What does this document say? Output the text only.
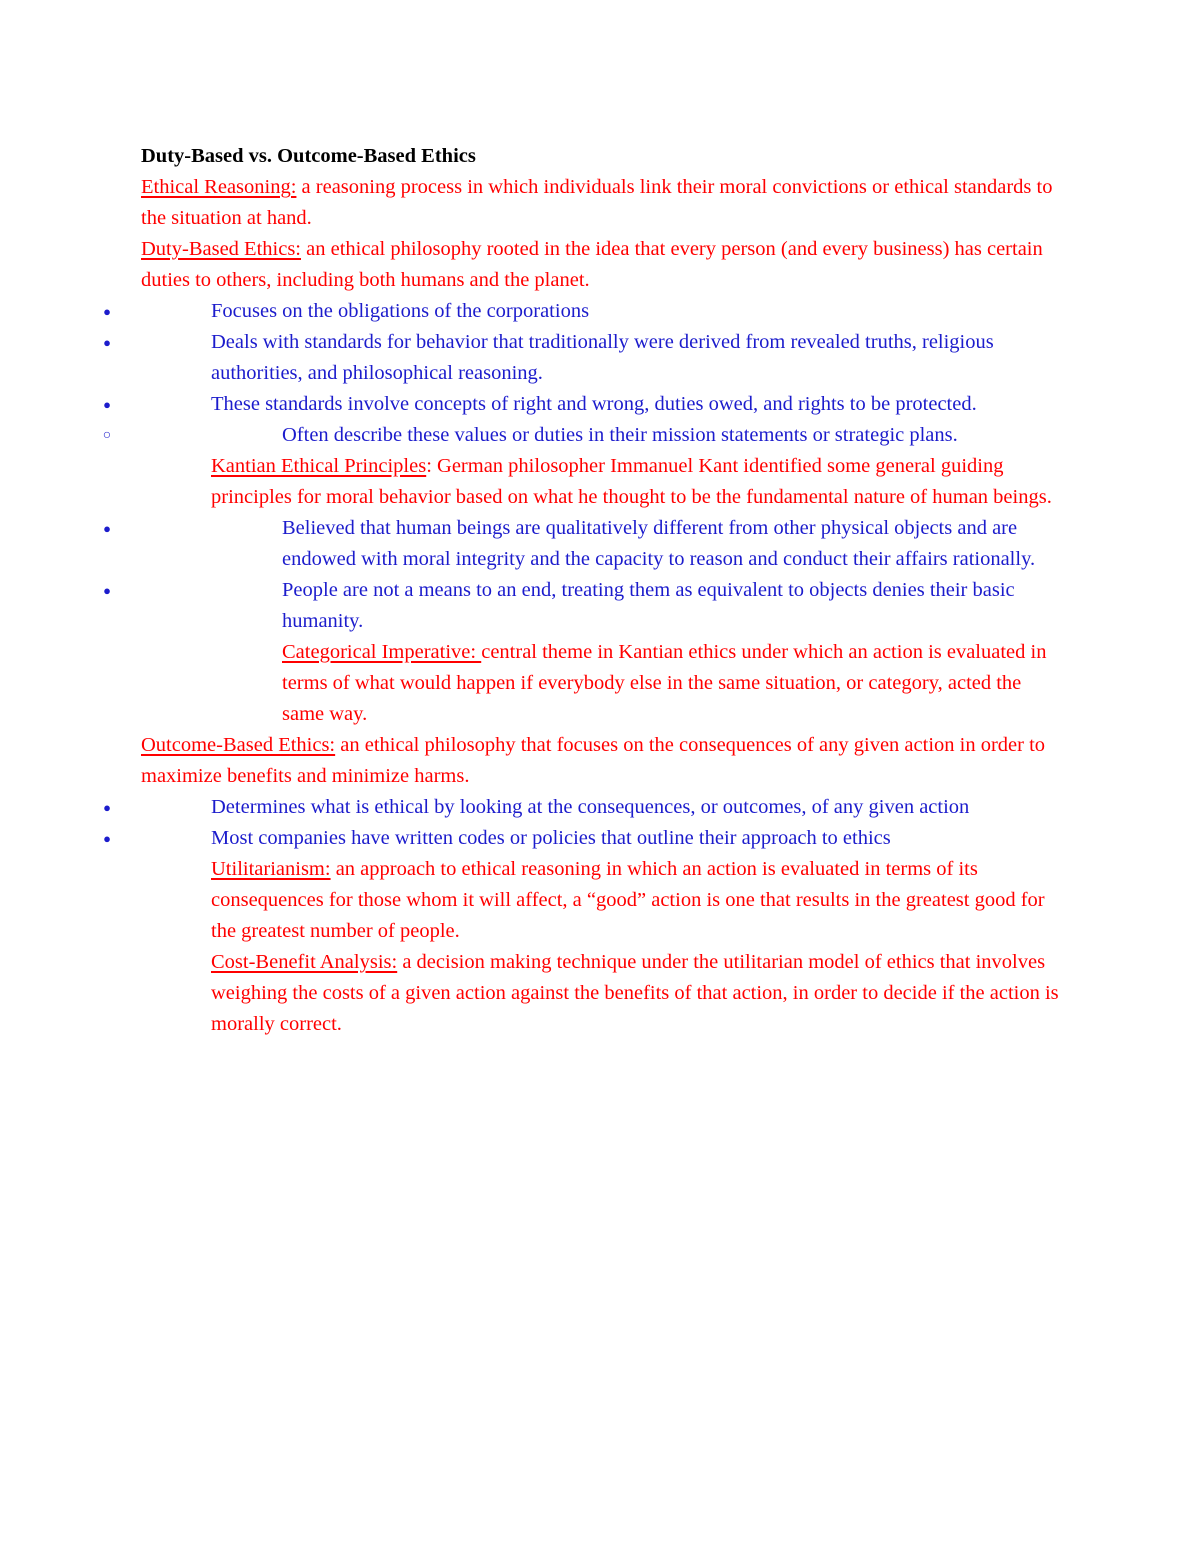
Duty-Based vs. Outcome-Based Ethics

Ethical Reasoning: a reasoning process in which individuals link their moral convictions or ethical standards to the situation at hand.

Duty-Based Ethics: an ethical philosophy rooted in the idea that every person (and every business) has certain duties to others, including both humans and the planet.

●	Focuses on the obligations of the corporations
●	Deals with standards for behavior that traditionally were derived from revealed truths, religious authorities, and philosophical reasoning.
●	These standards involve concepts of right and wrong, duties owed, and rights to be protected.
○	Often describe these values or duties in their mission statements or strategic plans.

Kantian Ethical Principles: German philosopher Immanuel Kant identified some general guiding principles for moral behavior based on what he thought to be the fundamental nature of human beings.

●	Believed that human beings are qualitatively different from other physical objects and are endowed with moral integrity and the capacity to reason and conduct their affairs rationally.
●	People are not a means to an end, treating them as equivalent to objects denies their basic humanity.

Categorical Imperative: central theme in Kantian ethics under which an action is evaluated in terms of what would happen if everybody else in the same situation, or category, acted the same way.

Outcome-Based Ethics: an ethical philosophy that focuses on the consequences of any given action in order to maximize benefits and minimize harms.

●	Determines what is ethical by looking at the consequences, or outcomes, of any given action
●	Most companies have written codes or policies that outline their approach to ethics

Utilitarianism: an approach to ethical reasoning in which an action is evaluated in terms of its consequences for those whom it will affect, a “good” action is one that results in the greatest good for the greatest number of people.

Cost-Benefit Analysis: a decision making technique under the utilitarian model of ethics that involves weighing the costs of a given action against the benefits of that action, in order to decide if the action is morally correct.
